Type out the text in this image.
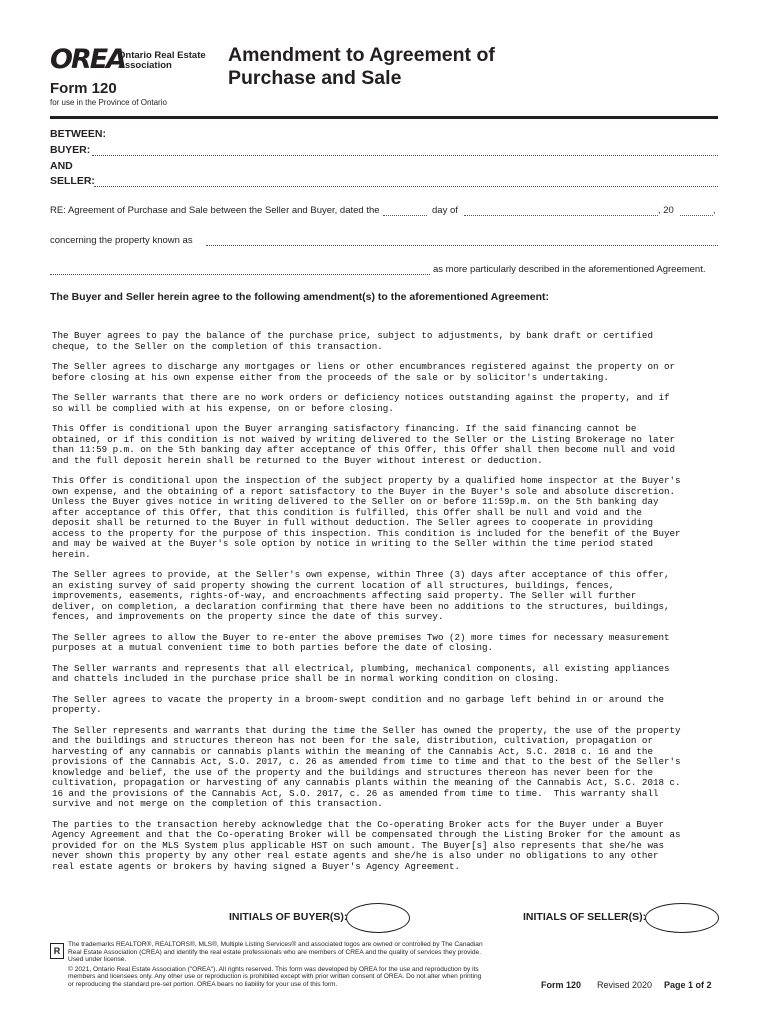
OREA
Ontario Real Estate
Association
Form 120
for use in the Province of Ontario
Amendment to Agreement of
Purchase and Sale
BETWEEN:
BUYER:
AND
SELLER:
RE: Agreement of Purchase and Sale between the Seller and Buyer, dated the	day of	, 20	,
concerning the property known as
as more particularly described in the aforementioned Agreement.
The Buyer and Seller herein agree to the following amendment(s) to the aforementioned Agreement:

The Buyer agrees to pay the balance of the purchase price, subject to adjustments, by bank draft or certified
cheque, to the Seller on the completion of this transaction.

The Seller agrees to discharge any mortgages or liens or other encumbrances registered against the property on or
before closing at his own expense either from the proceeds of the sale or by solicitor's undertaking.

The Seller warrants that there are no work orders or deficiency notices outstanding against the property, and if
so will be complied with at his expense, on or before closing.

This Offer is conditional upon the Buyer arranging satisfactory financing. If the said financing cannot be
obtained, or if this condition is not waived by writing delivered to the Seller or the Listing Brokerage no later
than 11:59 p.m. on the 5th banking day after acceptance of this Offer, this Offer shall then become null and void
and the full deposit herein shall be returned to the Buyer without interest or deduction.

This Offer is conditional upon the inspection of the subject property by a qualified home inspector at the Buyer's
own expense, and the obtaining of a report satisfactory to the Buyer in the Buyer's sole and absolute discretion.
Unless the Buyer gives notice in writing delivered to the Seller on or before 11:59p.m. on the 5th banking day
after acceptance of this Offer, that this condition is fulfilled, this Offer shall be null and void and the
deposit shall be returned to the Buyer in full without deduction. The Seller agrees to cooperate in providing
access to the property for the purpose of this inspection. This condition is included for the benefit of the Buyer
and may be waived at the Buyer's sole option by notice in writing to the Seller within the time period stated
herein.

The Seller agrees to provide, at the Seller's own expense, within Three (3) days after acceptance of this offer,
an existing survey of said property showing the current location of all structures, buildings, fences,
improvements, easements, rights-of-way, and encroachments affecting said property. The Seller will further
deliver, on completion, a declaration confirming that there have been no additions to the structures, buildings,
fences, and improvements on the property since the date of this survey.

The Seller agrees to allow the Buyer to re-enter the above premises Two (2) more times for necessary measurement
purposes at a mutual convenient time to both parties before the date of closing.

The Seller warrants and represents that all electrical, plumbing, mechanical components, all existing appliances
and chattels included in the purchase price shall be in normal working condition on closing.

The Seller agrees to vacate the property in a broom-swept condition and no garbage left behind in or around the
property.

The Seller represents and warrants that during the time the Seller has owned the property, the use of the property
and the buildings and structures thereon has not been for the sale, distribution, cultivation, propagation or
harvesting of any cannabis or cannabis plants within the meaning of the Cannabis Act, S.C. 2018 c. 16 and the
provisions of the Cannabis Act, S.O. 2017, c. 26 as amended from time to time and that to the best of the Seller's
knowledge and belief, the use of the property and the buildings and structures thereon has never been for the
cultivation, propagation or harvesting of any cannabis plants within the meaning of the Cannabis Act, S.C. 2018 c.
16 and the provisions of the Cannabis Act, S.O. 2017, c. 26 as amended from time to time.  This warranty shall
survive and not merge on the completion of this transaction.

The parties to the transaction hereby acknowledge that the Co-operating Broker acts for the Buyer under a Buyer
Agency Agreement and that the Co-operating Broker will be compensated through the Listing Broker for the amount as
provided for on the MLS System plus applicable HST on such amount. The Buyer[s] also represents that she/he was
never shown this property by any other real estate agents and she/he is also under no obligations to any other
real estate agents or brokers by having signed a Buyer's Agency Agreement.

INITIALS OF BUYER(S):	INITIALS OF SELLER(S):
R

The trademarks REALTOR®, REALTORS®, MLS®, Multiple Listing Services® and associated logos are owned or controlled by The Canadian Real Estate Association (CREA) and identify the real estate professionals who are members of CREA and the quality of services they provide. Used under license.

© 2021, Ontario Real Estate Association ("OREA"). All rights reserved. This form was developed by OREA for the use and reproduction by its members and licensees only. Any other use or reproduction is prohibited except with prior written consent of OREA. Do not alter when printing or reproducing the standard pre-set portion. OREA bears no liability for your use of this form.	Form 120 Revised 2020 Page 1 of 2
